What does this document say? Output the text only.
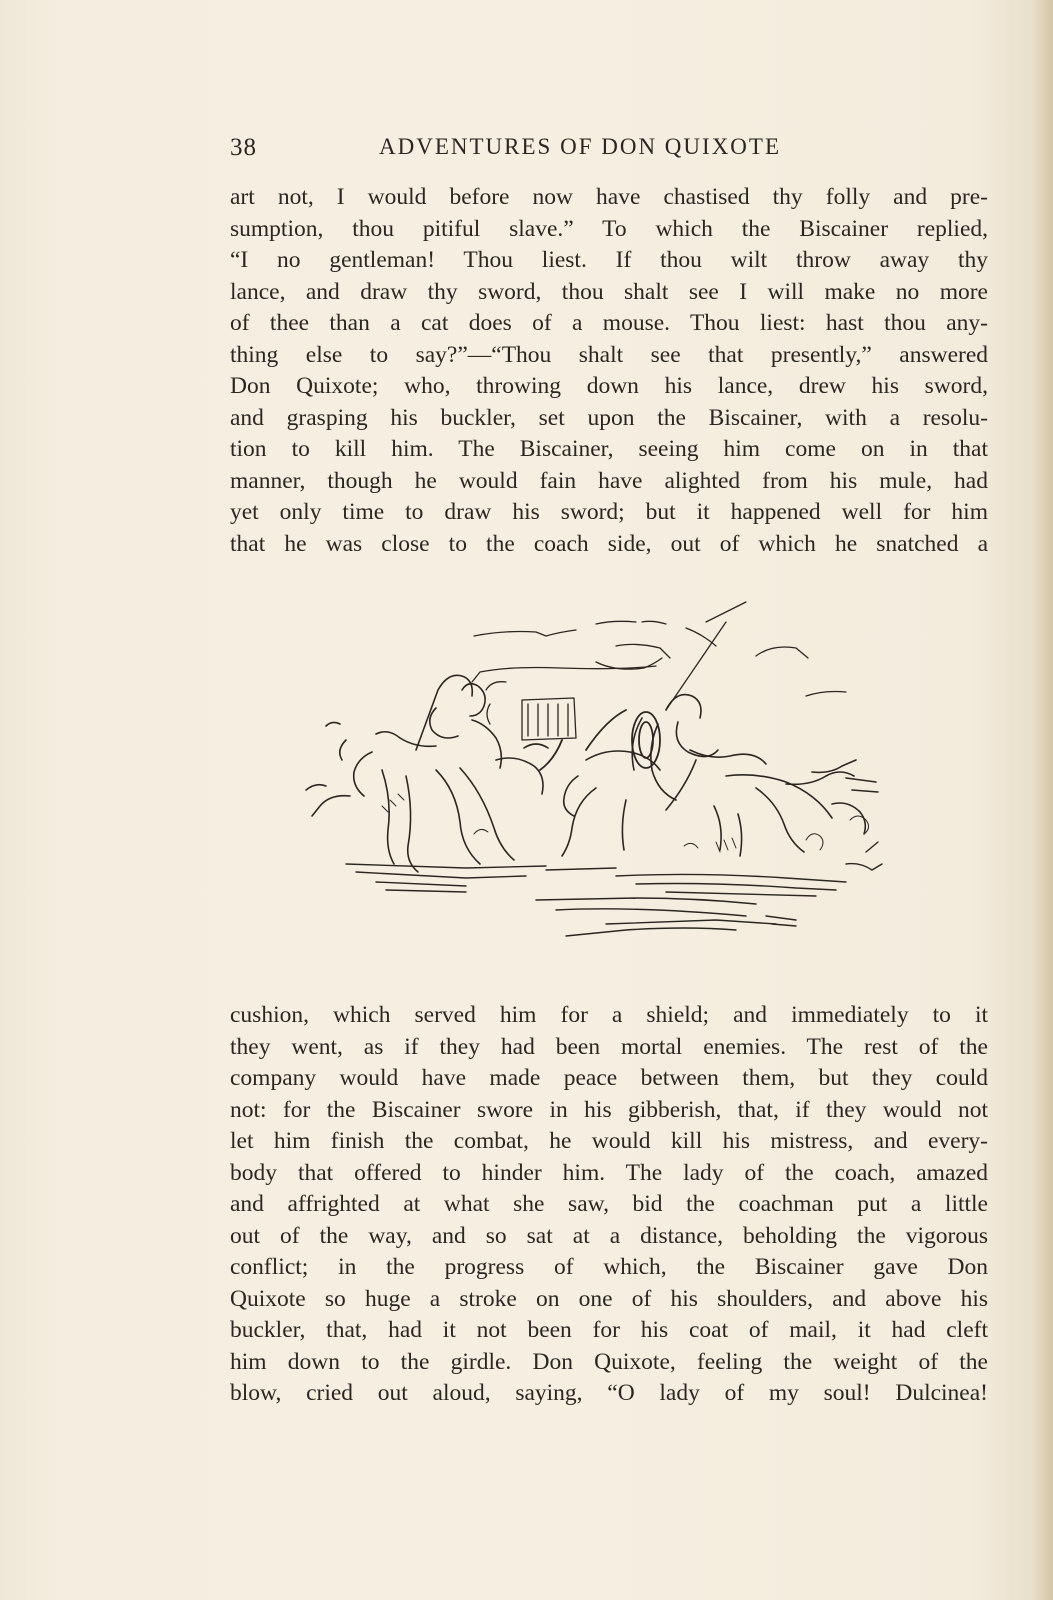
38	ADVENTURES OF DON QUIXOTE
art not, I would before now have chastised thy folly and pre-
sumption, thou pitiful slave.” To which the Biscainer replied,
“I no gentleman! Thou liest. If thou wilt throw away thy
lance, and draw thy sword, thou shalt see I will make no more
of thee than a cat does of a mouse. Thou liest: hast thou any-
thing else to say?”—“Thou shalt see that presently,” answered
Don Quixote; who, throwing down his lance, drew his sword,
and grasping his buckler, set upon the Biscainer, with a resolu-
tion to kill him. The Biscainer, seeing him come on in that
manner, though he would fain have alighted from his mule, had
yet only time to draw his sword; but it happened well for him
that he was close to the coach side, out of which he snatched a
cushion, which served him for a shield; and immediately to it
they went, as if they had been mortal enemies. The rest of the
company would have made peace between them, but they could
not: for the Biscainer swore in his gibberish, that, if they would not
let him finish the combat, he would kill his mistress, and every-
body that offered to hinder him. The lady of the coach, amazed
and affrighted at what she saw, bid the coachman put a little
out of the way, and so sat at a distance, beholding the vigorous
conflict; in the progress of which, the Biscainer gave Don
Quixote so huge a stroke on one of his shoulders, and above his
buckler, that, had it not been for his coat of mail, it had cleft
him down to the girdle. Don Quixote, feeling the weight of the
blow, cried out aloud, saying, “O lady of my soul! Dulcinea!
